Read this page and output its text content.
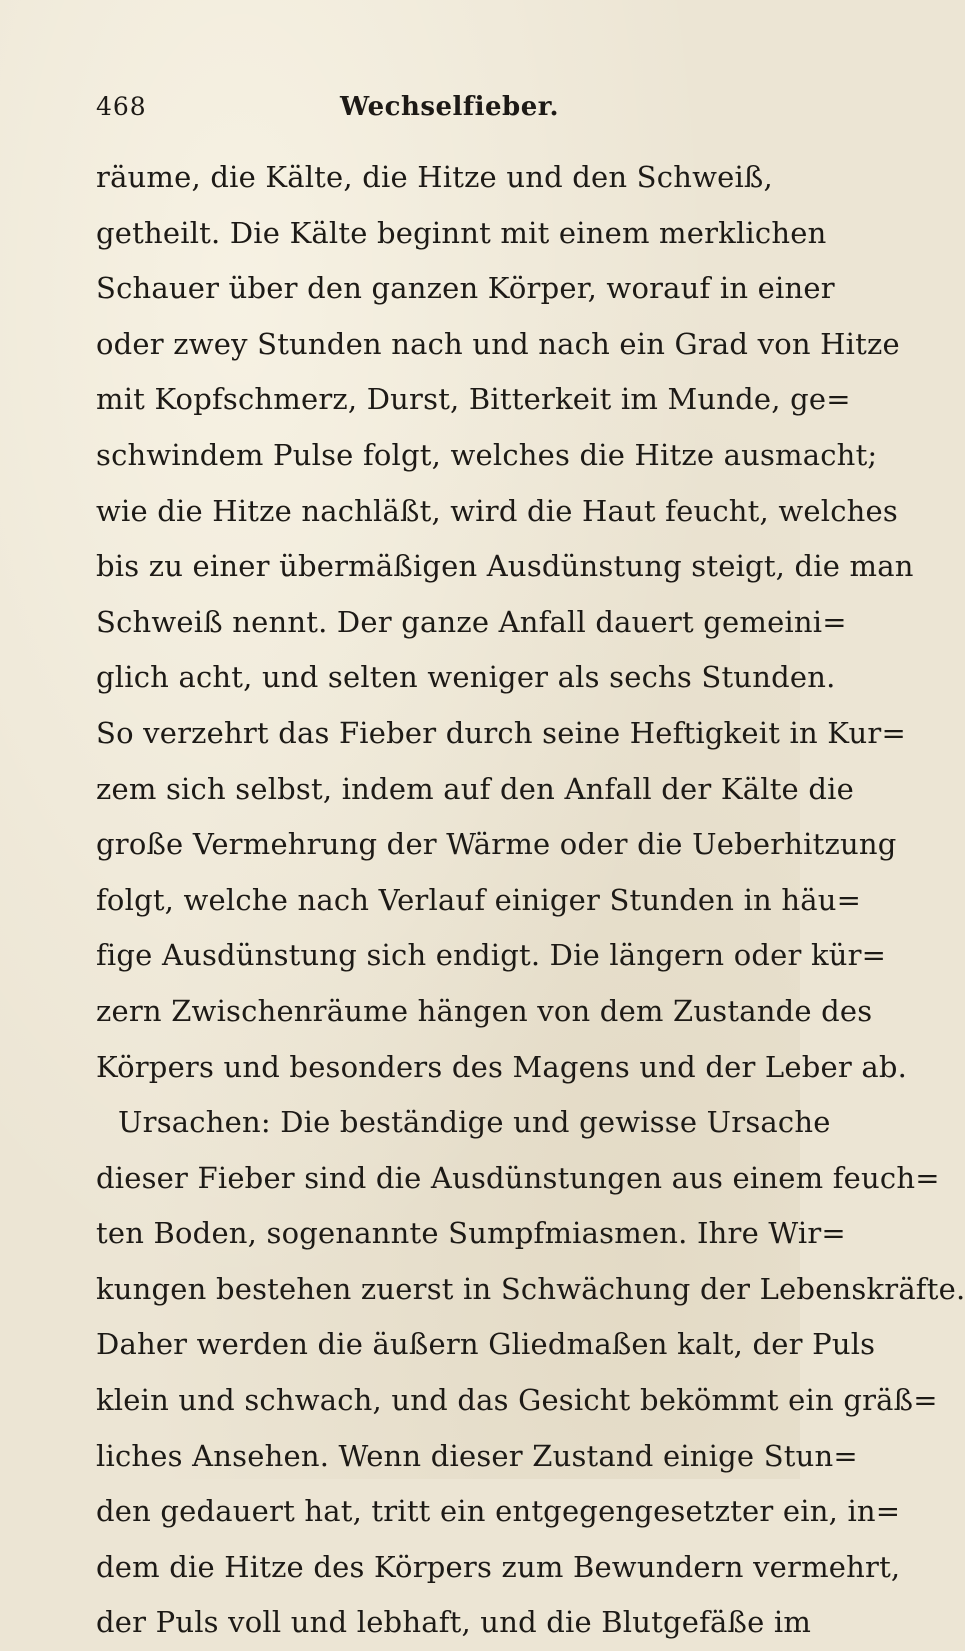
468	Wechselfieber.
räume, die Kälte, die Hitze und den Schweiß,
getheilt. Die Kälte beginnt mit einem merklichen
Schauer über den ganzen Körper, worauf in einer
oder zwey Stunden nach und nach ein Grad von Hitze
mit Kopfschmerz, Durst, Bitterkeit im Munde, ge=
schwindem Pulse folgt, welches die Hitze ausmacht;
wie die Hitze nachläßt, wird die Haut feucht, welches
bis zu einer übermäßigen Ausdünstung steigt, die man
Schweiß nennt. Der ganze Anfall dauert gemeini=
glich acht, und selten weniger als sechs Stunden.
So verzehrt das Fieber durch seine Heftigkeit in Kur=
zem sich selbst, indem auf den Anfall der Kälte die
große Vermehrung der Wärme oder die Ueberhitzung
folgt, welche nach Verlauf einiger Stunden in häu=
fige Ausdünstung sich endigt. Die längern oder kür=
zern Zwischenräume hängen von dem Zustande des
Körpers und besonders des Magens und der Leber ab.
Ursachen: Die beständige und gewisse Ursache
dieser Fieber sind die Ausdünstungen aus einem feuch=
ten Boden, sogenannte Sumpfmiasmen. Ihre Wir=
kungen bestehen zuerst in Schwächung der Lebenskräfte.
Daher werden die äußern Gliedmaßen kalt, der Puls
klein und schwach, und das Gesicht bekömmt ein gräß=
liches Ansehen. Wenn dieser Zustand einige Stun=
den gedauert hat, tritt ein entgegengesetzter ein, in=
dem die Hitze des Körpers zum Bewundern vermehrt,
der Puls voll und lebhaft, und die Blutgefäße im
